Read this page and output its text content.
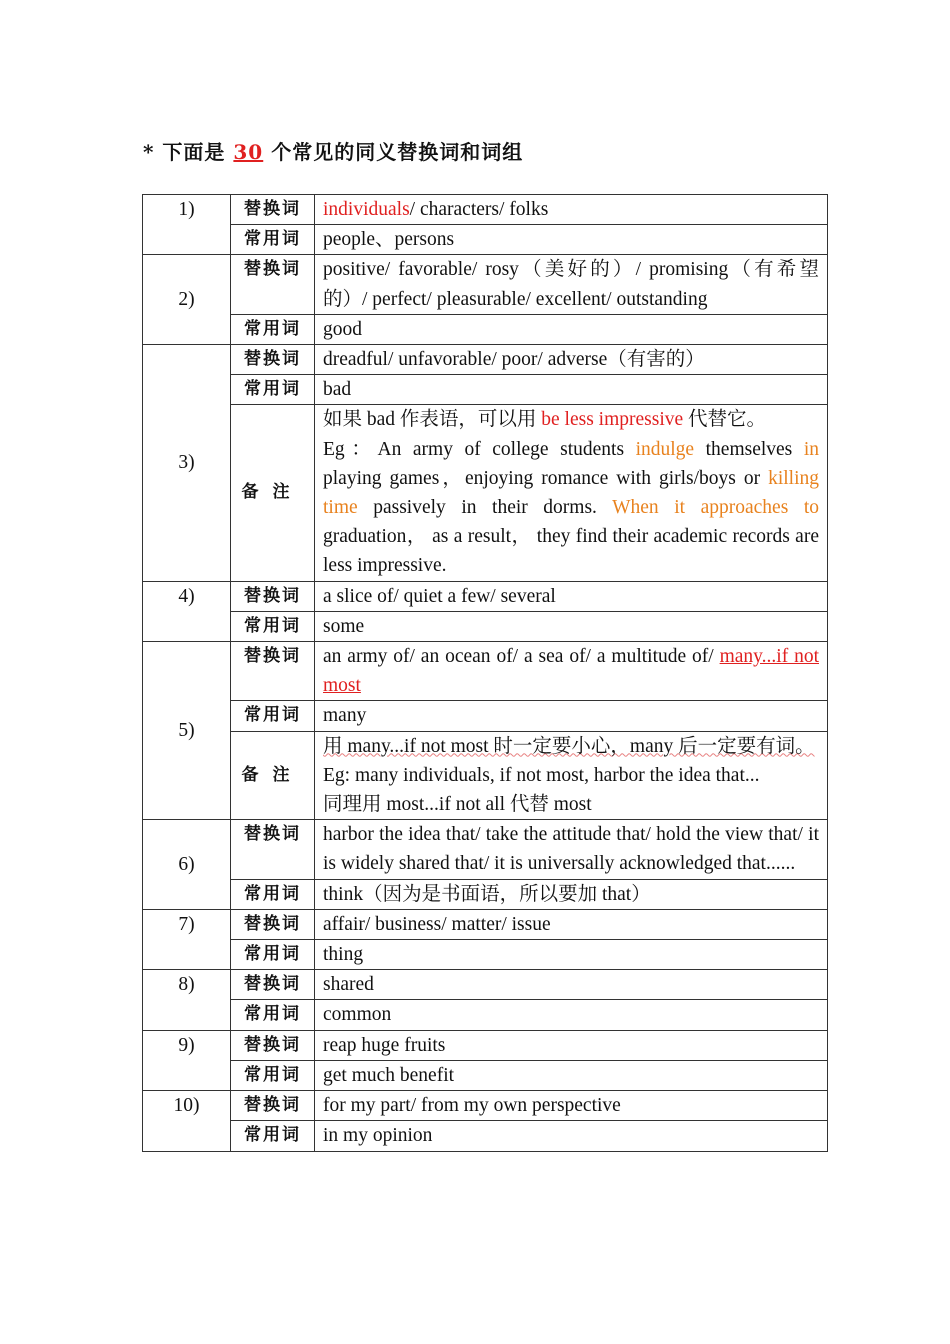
* 下面是 30 个常见的同义替换词和词组
1)	替换词	individuals/ characters/ folks
	常用词	people、persons
2)	替换词	positive/ favorable/ rosy（美好的）/ promising（有希望的）/ perfect/ pleasurable/ excellent/ outstanding
	常用词	good
3)	替换词	dreadful/ unfavorable/ poor/ adverse（有害的）
	常用词	bad
	备注	如果 bad 作表语，可以用 be less impressive 代替它。
Eg：An army of college students indulge themselves in playing games，enjoying romance with girls/boys or killing time passively in their dorms. When it approaches to graduation， as a result， they find their academic records are less impressive.
4)	替换词	a slice of/ quiet a few/ several
	常用词	some
5)	替换词	an army of/ an ocean of/ a sea of/ a multitude of/ many...if not most
	常用词	many
	备注	用 many...if not most 时一定要小心，many 后一定要有词。
Eg: many individuals, if not most, harbor the idea that...
同理用 most...if not all 代替 most
6)	替换词	harbor the idea that/ take the attitude that/ hold the view that/ it is widely shared that/ it is universally acknowledged that......
	常用词	think（因为是书面语，所以要加 that）
7)	替换词	affair/ business/ matter/ issue
	常用词	thing
8)	替换词	shared
	常用词	common
9)	替换词	reap huge fruits
	常用词	get much benefit
10)	替换词	for my part/ from my own perspective
	常用词	in my opinion
